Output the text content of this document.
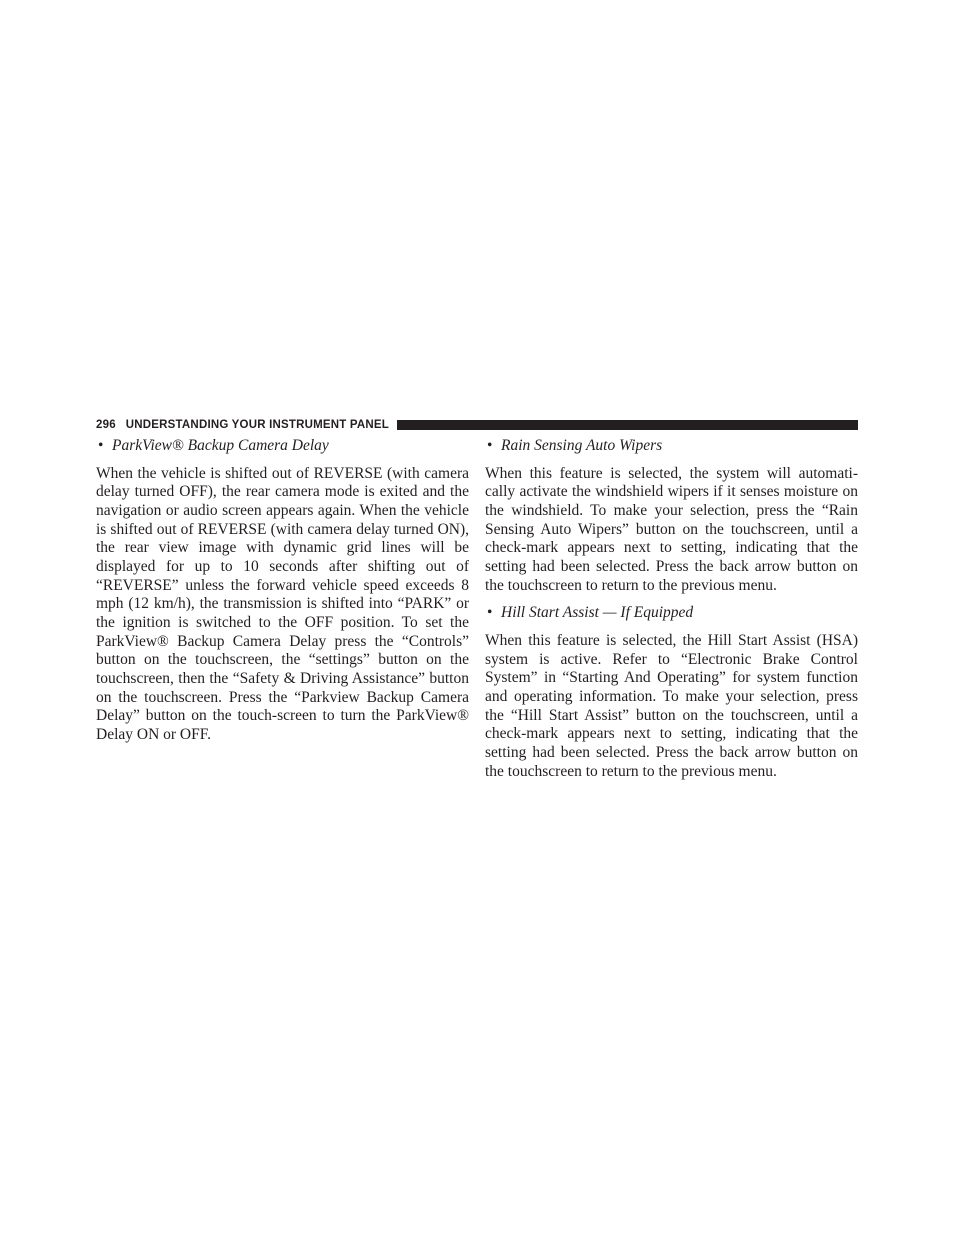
296 UNDERSTANDING YOUR INSTRUMENT PANEL
• ParkView® Backup Camera Delay

When the vehicle is shifted out of REVERSE (with camera delay turned OFF), the rear camera mode is exited and the navigation or audio screen appears again. When the vehicle is shifted out of REVERSE (with camera delay turned ON), the rear view image with dynamic grid lines will be displayed for up to 10 seconds after shifting out of “REVERSE” unless the forward vehicle speed exceeds 8 mph (12 km/h), the transmission is shifted into “PARK” or the ignition is switched to the OFF position. To set the ParkView® Backup Camera Delay press the “Controls” button on the touchscreen, the “settings” button on the touchscreen, then the “Safety & Driving Assistance” button on the touchscreen. Press the “Parkview Backup Camera Delay” button on the touch-screen to turn the ParkView® Delay ON or OFF.

• Rain Sensing Auto Wipers

When this feature is selected, the system will automati-cally activate the windshield wipers if it senses moisture on the windshield. To make your selection, press the “Rain Sensing Auto Wipers” button on the touchscreen, until a check-mark appears next to setting, indicating that the setting had been selected. Press the back arrow button on the touchscreen to return to the previous menu.

• Hill Start Assist — If Equipped

When this feature is selected, the Hill Start Assist (HSA) system is active. Refer to “Electronic Brake Control System” in “Starting And Operating” for system function and operating information. To make your selection, press the “Hill Start Assist” button on the touchscreen, until a check-mark appears next to setting, indicating that the setting had been selected. Press the back arrow button on the touchscreen to return to the previous menu.
